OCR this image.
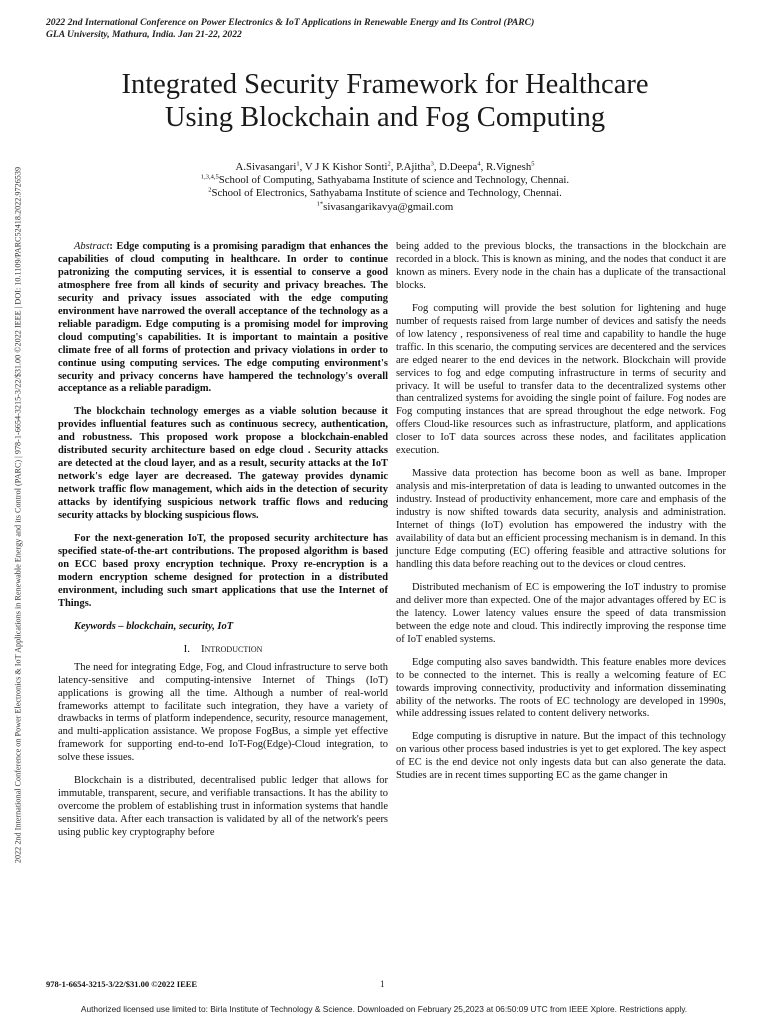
2022 2nd International Conference on Power Electronics & IoT Applications in Renewable Energy and Its Control (PARC)
GLA University, Mathura, India. Jan 21-22, 2022
2022 2nd International Conference on Power Electronics & IoT Applications in Renewable Energy and its Control (PARC) | 978-1-6654-3215-3/22/$31.00 ©2022 IEEE | DOI: 10.1109/PARC52418.2022.9726539
Integrated Security Framework for Healthcare
Using Blockchain and Fog Computing
A.Sivasangari$^1$, V J K Kishor Sonti$^2$, P.Ajitha$^3$, D.Deepa$^4$, R.Vignesh$^5$
$^{1,3,4,5}$School of Computing, Sathyabama Institute of science and Technology, Chennai.
$^2$School of Electronics, Sathyabama Institute of science and Technology, Chennai.
$^{1*}$sivasangarikavya@gmail.com

Abstract: Edge computing is a promising paradigm that enhances the capabilities of cloud computing in healthcare. In order to continue patronizing the computing services, it is essential to conserve a good atmosphere free from all kinds of security and privacy breaches. The security and privacy issues associated with the edge computing environment have narrowed the overall acceptance of the technology as a reliable paradigm. Edge computing is a promising model for improving cloud computing's capabilities. It is important to maintain a positive climate free of all forms of protection and privacy violations in order to continue using computing services. The edge computing environment's security and privacy concerns have hampered the technology's overall acceptance as a reliable paradigm.

The blockchain technology emerges as a viable solution because it provides influential features such as continuous secrecy, authentication, and robustness. This proposed work propose a blockchain-enabled distributed security architecture based on edge cloud . Security attacks are detected at the cloud layer, and as a result, security attacks at the IoT network's edge layer are decreased. The gateway provides dynamic network traffic flow management, which aids in the detection of security attacks by identifying suspicious network traffic flows and reducing security attacks by blocking suspicious flows.

For the next-generation IoT, the proposed security architecture has specified state-of-the-art contributions. The proposed algorithm is based on ECC based proxy encryption technique. Proxy re-encryption is a modern encryption scheme designed for protection in a distributed environment, including such smart applications that use the Internet of Things.

Keywords – blockchain, security, IoT

I. Introduction

The need for integrating Edge, Fog, and Cloud infrastructure to serve both latency-sensitive and computing-intensive Internet of Things (IoT) applications is growing all the time. Although a number of real-world frameworks attempt to facilitate such integration, they have a variety of drawbacks in terms of platform independence, security, resource management, and multi-application assistance. We propose FogBus, a simple yet effective framework for supporting end-to-end IoT-Fog(Edge)-Cloud integration, to solve these issues.

Blockchain is a distributed, decentralised public ledger that allows for immutable, transparent, secure, and verifiable transactions. It has the ability to overcome the problem of establishing trust in information systems that handle sensitive data. After each transaction is validated by all of the network's peers using public key cryptography before

being added to the previous blocks, the transactions in the blockchain are recorded in a block. This is known as mining, and the nodes that conduct it are known as miners. Every node in the chain has a duplicate of the transactional blocks.

Fog computing will provide the best solution for lightening and huge number of requests raised from large number of devices and satisfy the needs of low latency , responsiveness of real time and capability to handle the huge traffic. In this scenario, the computing services are decentered and the services are edged nearer to the end devices in the network. Blockchain will provide services to fog and edge computing infrastructure in terms of security and privacy. It will be useful to transfer data to the decentralized systems other than centralized systems for avoiding the single point of failure. Fog nodes are Fog computing instances that are spread throughout the edge network. Fog offers Cloud-like resources such as infrastructure, platform, and applications closer to IoT data sources across these nodes, and facilitates application execution.

Massive data protection has become boon as well as bane. Improper analysis and mis-interpretation of data is leading to unwanted outcomes in the industry. Instead of productivity enhancement, more care and emphasis of the industry is now shifted towards data security, analysis and administration. Internet of things (IoT) evolution has empowered the industry with the availability of data but an efficient processing mechanism is in demand. In this juncture Edge computing (EC) offering feasible and attractive solutions for handling this data before reaching out to the devices or cloud centres.

Distributed mechanism of EC is empowering the IoT industry to promise and deliver more than expected. One of the major advantages offered by EC is the latency. Lower latency values ensure the speed of data transmission between the edge note and cloud. This indirectly improving the response time of IoT enabled systems.

Edge computing also saves bandwidth. This feature enables more devices to be connected to the internet. This is really a welcoming feature of EC towards improving connectivity, productivity and information disseminating ability of the networks. The roots of EC technology are developed in 1990s, while addressing issues related to content delivery networks.

Edge computing is disruptive in nature. But the impact of this technology on various other process based industries is yet to get explored. The key aspect of EC is the end device not only ingests data but can also generate the data. Studies are in recent times supporting EC as the game changer in

978-1-6654-3215-3/22/$31.00 ©2022 IEEE	1
Authorized licensed use limited to: Birla Institute of Technology & Science. Downloaded on February 25,2023 at 06:50:09 UTC from IEEE Xplore. Restrictions apply.
